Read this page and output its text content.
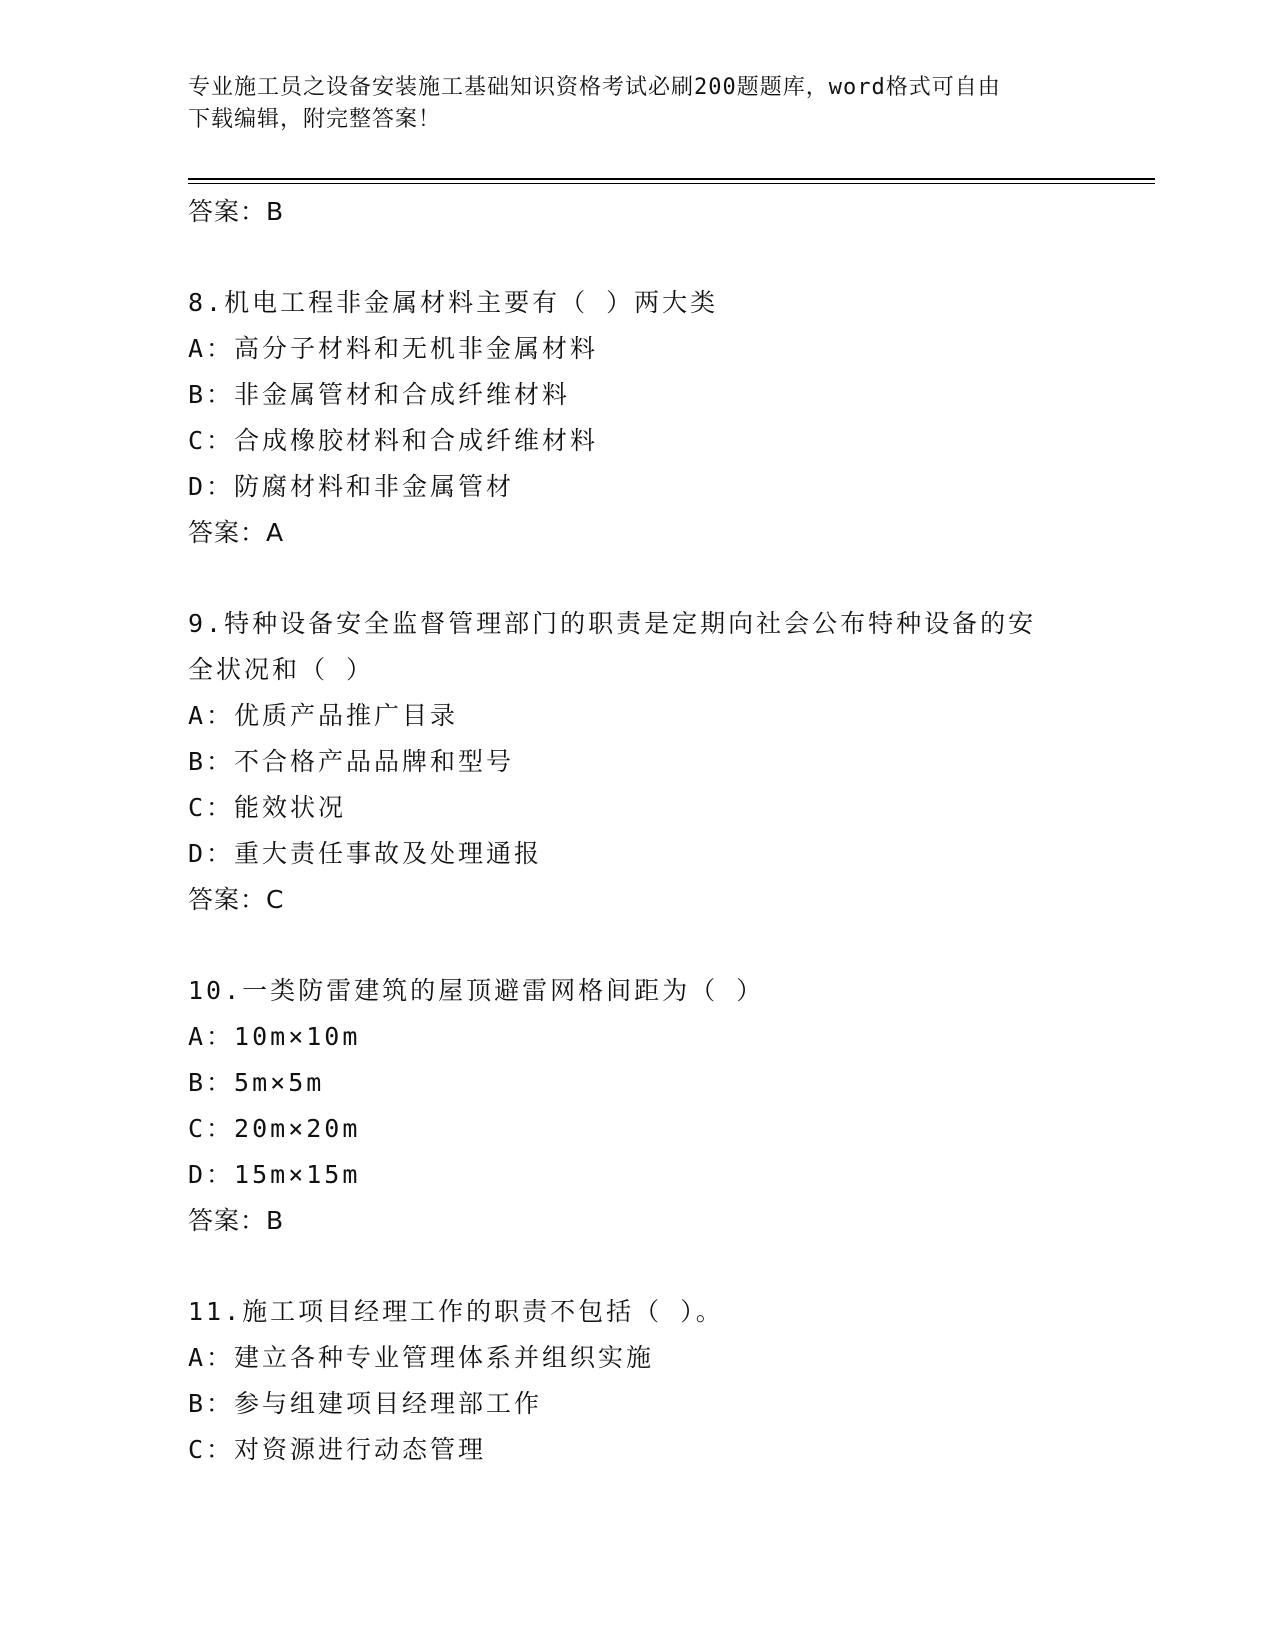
专业施工员之设备安装施工基础知识资格考试必刷200题题库，word格式可自由
下载编辑，附完整答案！
答案：B
8.机电工程非金属材料主要有（ ）两大类
A：高分子材料和无机非金属材料
B：非金属管材和合成纤维材料
C：合成橡胶材料和合成纤维材料
D：防腐材料和非金属管材
答案：A
9.特种设备安全监督管理部门的职责是定期向社会公布特种设备的安
全状况和（ ）
A：优质产品推广目录
B：不合格产品品牌和型号
C：能效状况
D：重大责任事故及处理通报
答案：C
10.一类防雷建筑的屋顶避雷网格间距为（ ）
A：10m×10m
B：5m×5m
C：20m×20m
D：15m×15m
答案：B
11.施工项目经理工作的职责不包括（ ）。
A：建立各种专业管理体系并组织实施
B：参与组建项目经理部工作
C：对资源进行动态管理
